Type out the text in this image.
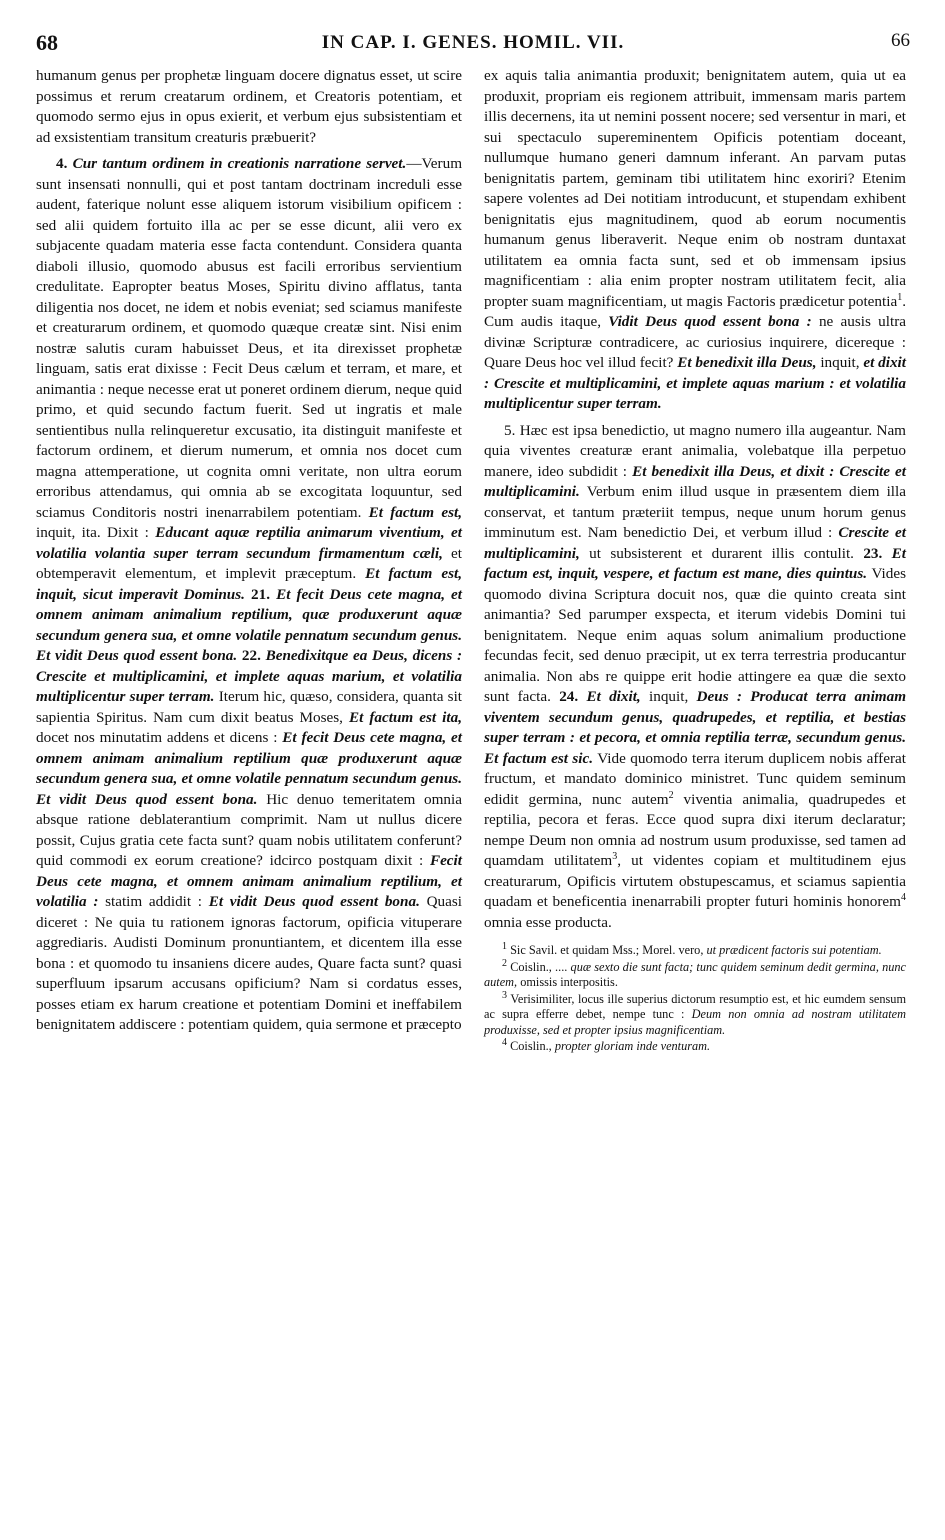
68	IN CAP. I. GENES. HOMIL. VII.	66

humanum genus per prophetæ linguam docere dignatus esset, ut scire possimus et rerum creatarum ordinem, et Creatoris potentiam, et quomodo sermo ejus in opus exierit, et verbum ejus subsistentiam et ad exsistentiam transitum creaturis præbuerit?

4. Cur tantum ordinem in creationis narratione servet.—Verum sunt insensati nonnulli, qui et post tantam doctrinam increduli esse audent, faterique nolunt esse aliquem istorum visibilium opificem : sed alii quidem fortuito illa ac per se esse dicunt, alii vero ex subjacente quadam materia esse facta contendunt. Considera quanta diaboli illusio, quomodo abusus est facili erroribus servientium credulitate. Eapropter beatus Moses, Spiritu divino afflatus, tanta diligentia nos docet, ne idem et nobis eveniat; sed sciamus manifeste et creaturarum ordinem, et quomodo quæque creatæ sint. Nisi enim nostræ salutis curam habuisset Deus, et ita direxisset prophetæ linguam, satis erat dixisse : Fecit Deus cælum et terram, et mare, et animantia : neque necesse erat ut poneret ordinem dierum, neque quid primo, et quid secundo factum fuerit. Sed ut ingratis et male sentientibus nulla relinqueretur excusatio, ita distinguit manifeste et factorum ordinem, et dierum numerum, et omnia nos docet cum magna attemperatione, ut cognita omni veritate, non ultra eorum erroribus attendamus, qui omnia ab se excogitata loquuntur, sed sciamus Conditoris nostri inenarrabilem potentiam. Et factum est, inquit, ita. Dixit : Educant aquæ reptilia animarum viventium, et volatilia volantia super terram secundum firmamentum cæli, et obtemperavit elementum, et implevit præceptum. Et factum est, inquit, sicut imperavit Dominus. 21. Et fecit Deus cete magna, et omnem animam animalium reptilium, quæ produxerunt aquæ secundum genera sua, et omne volatile pennatum secundum genus. Et vidit Deus quod essent bona. 22. Benedixitque ea Deus, dicens : Crescite et multiplicamini, et implete aquas marium, et volatilia multiplicentur super terram. Iterum hic, quæso, considera, quanta sit sapientia Spiritus. Nam cum dixit beatus Moses, Et factum est ita, docet nos minutatim addens et dicens : Et fecit Deus cete magna, et omnem animam animalium reptilium quæ produxerunt aquæ secundum genera sua, et omne volatile pennatum secundum genus. Et vidit Deus quod essent bona. Hic denuo temeritatem omnia absque ratione deblaterantium comprimit. Nam ut nullus dicere possit, Cujus gratia cete facta sunt? quam nobis utilitatem conferunt? quid commodi ex eorum creatione? idcirco postquam dixit : Fecit Deus cete magna, et omnem animam animalium reptilium, et volatilia : statim addidit : Et vidit Deus quod essent bona. Quasi diceret : Ne quia tu rationem ignoras factorum, opificia vituperare aggrediaris. Audisti Dominum pronuntiantem, et dicentem illa esse bona : et quomodo tu insaniens dicere audes, Quare facta sunt? quasi superfluum ipsarum accusans opificium? Nam si cordatus esses, posses etiam ex harum creatione et potentiam Domini et ineffabilem benignitatem addiscere : potentiam quidem, quia sermone et præcepto

ex aquis talia animantia produxit; benignitatem autem, quia ut ea produxit, propriam eis regionem attribuit, immensam maris partem illis decernens, ita ut nemini possent nocere; sed versentur in mari, et sui spectaculo supereminentem Opificis potentiam doceant, nullumque humano generi damnum inferant. An parvam putas benignitatis partem, geminam tibi utilitatem hinc exoriri? Etenim sapere volentes ad Dei notitiam introducunt, et stupendam exhibent benignitatis ejus magnitudinem, quod ab eorum nocumentis humanum genus liberaverit. Neque enim ob nostram duntaxat utilitatem ea omnia facta sunt, sed et ob immensam ipsius magnificentiam : alia enim propter nostram utilitatem fecit, alia propter suam magnificentiam, ut magis Factoris prædicetur potentia$^1$. Cum audis itaque, Vidit Deus quod essent bona : ne ausis ultra divinæ Scripturæ contradicere, ac curiosius inquirere, dicereque : Quare Deus hoc vel illud fecit? Et benedixit illa Deus, inquit, et dixit : Crescite et multiplicamini, et implete aquas marium : et volatilia multiplicentur super terram.

5. Hæc est ipsa benedictio, ut magno numero illa augeantur. Nam quia viventes creaturæ erant animalia, volebatque illa perpetuo manere, ideo subdidit : Et benedixit illa Deus, et dixit : Crescite et multiplicamini. Verbum enim illud usque in præsentem diem illa conservat, et tantum præteriit tempus, neque unum horum genus imminutum est. Nam benedictio Dei, et verbum illud : Crescite et multiplicamini, ut subsisterent et durarent illis contulit. 23. Et factum est, inquit, vespere, et factum est mane, dies quintus. Vides quomodo divina Scriptura docuit nos, quæ die quinto creata sint animantia? Sed parumper exspecta, et iterum videbis Domini tui benignitatem. Neque enim aquas solum animalium productione fecundas fecit, sed denuo præcipit, ut ex terra terrestria producantur animalia. Non abs re quippe erit hodie attingere ea quæ die sexto sunt facta. 24. Et dixit, inquit, Deus : Producat terra animam viventem secundum genus, quadrupedes, et reptilia, et bestias super terram : et pecora, et omnia reptilia terræ, secundum genus. Et factum est sic. Vide quomodo terra iterum duplicem nobis afferat fructum, et mandato dominico ministret. Tunc quidem seminum edidit germina, nunc autem$^2$ viventia animalia, quadrupedes et reptilia, pecora et feras. Ecce quod supra dixi iterum declaratur; nempe Deum non omnia ad nostrum usum produxisse, sed tamen ad quamdam utilitatem$^3$, ut videntes copiam et multitudinem ejus creaturarum, Opificis virtutem obstupescamus, et sciamus sapientia quadam et beneficentia inenarrabili propter futuri hominis honorem$^4$ omnia esse producta.

$^1$ Sic Savil. et quidam Mss.; Morel. vero, ut prædicent factoris sui potentiam.

$^2$ Coislin., .... quæ sexto die sunt facta; tunc quidem seminum dedit germina, nunc autem, omissis interpositis.

$^3$ Verisimiliter, locus ille superius dictorum resumptio est, et hic eumdem sensum ac supra efferre debet, nempe tunc : Deum non omnia ad nostram utilitatem produxisse, sed et propter ipsius magnificentiam.

$^4$ Coislin., propter gloriam inde venturam.
